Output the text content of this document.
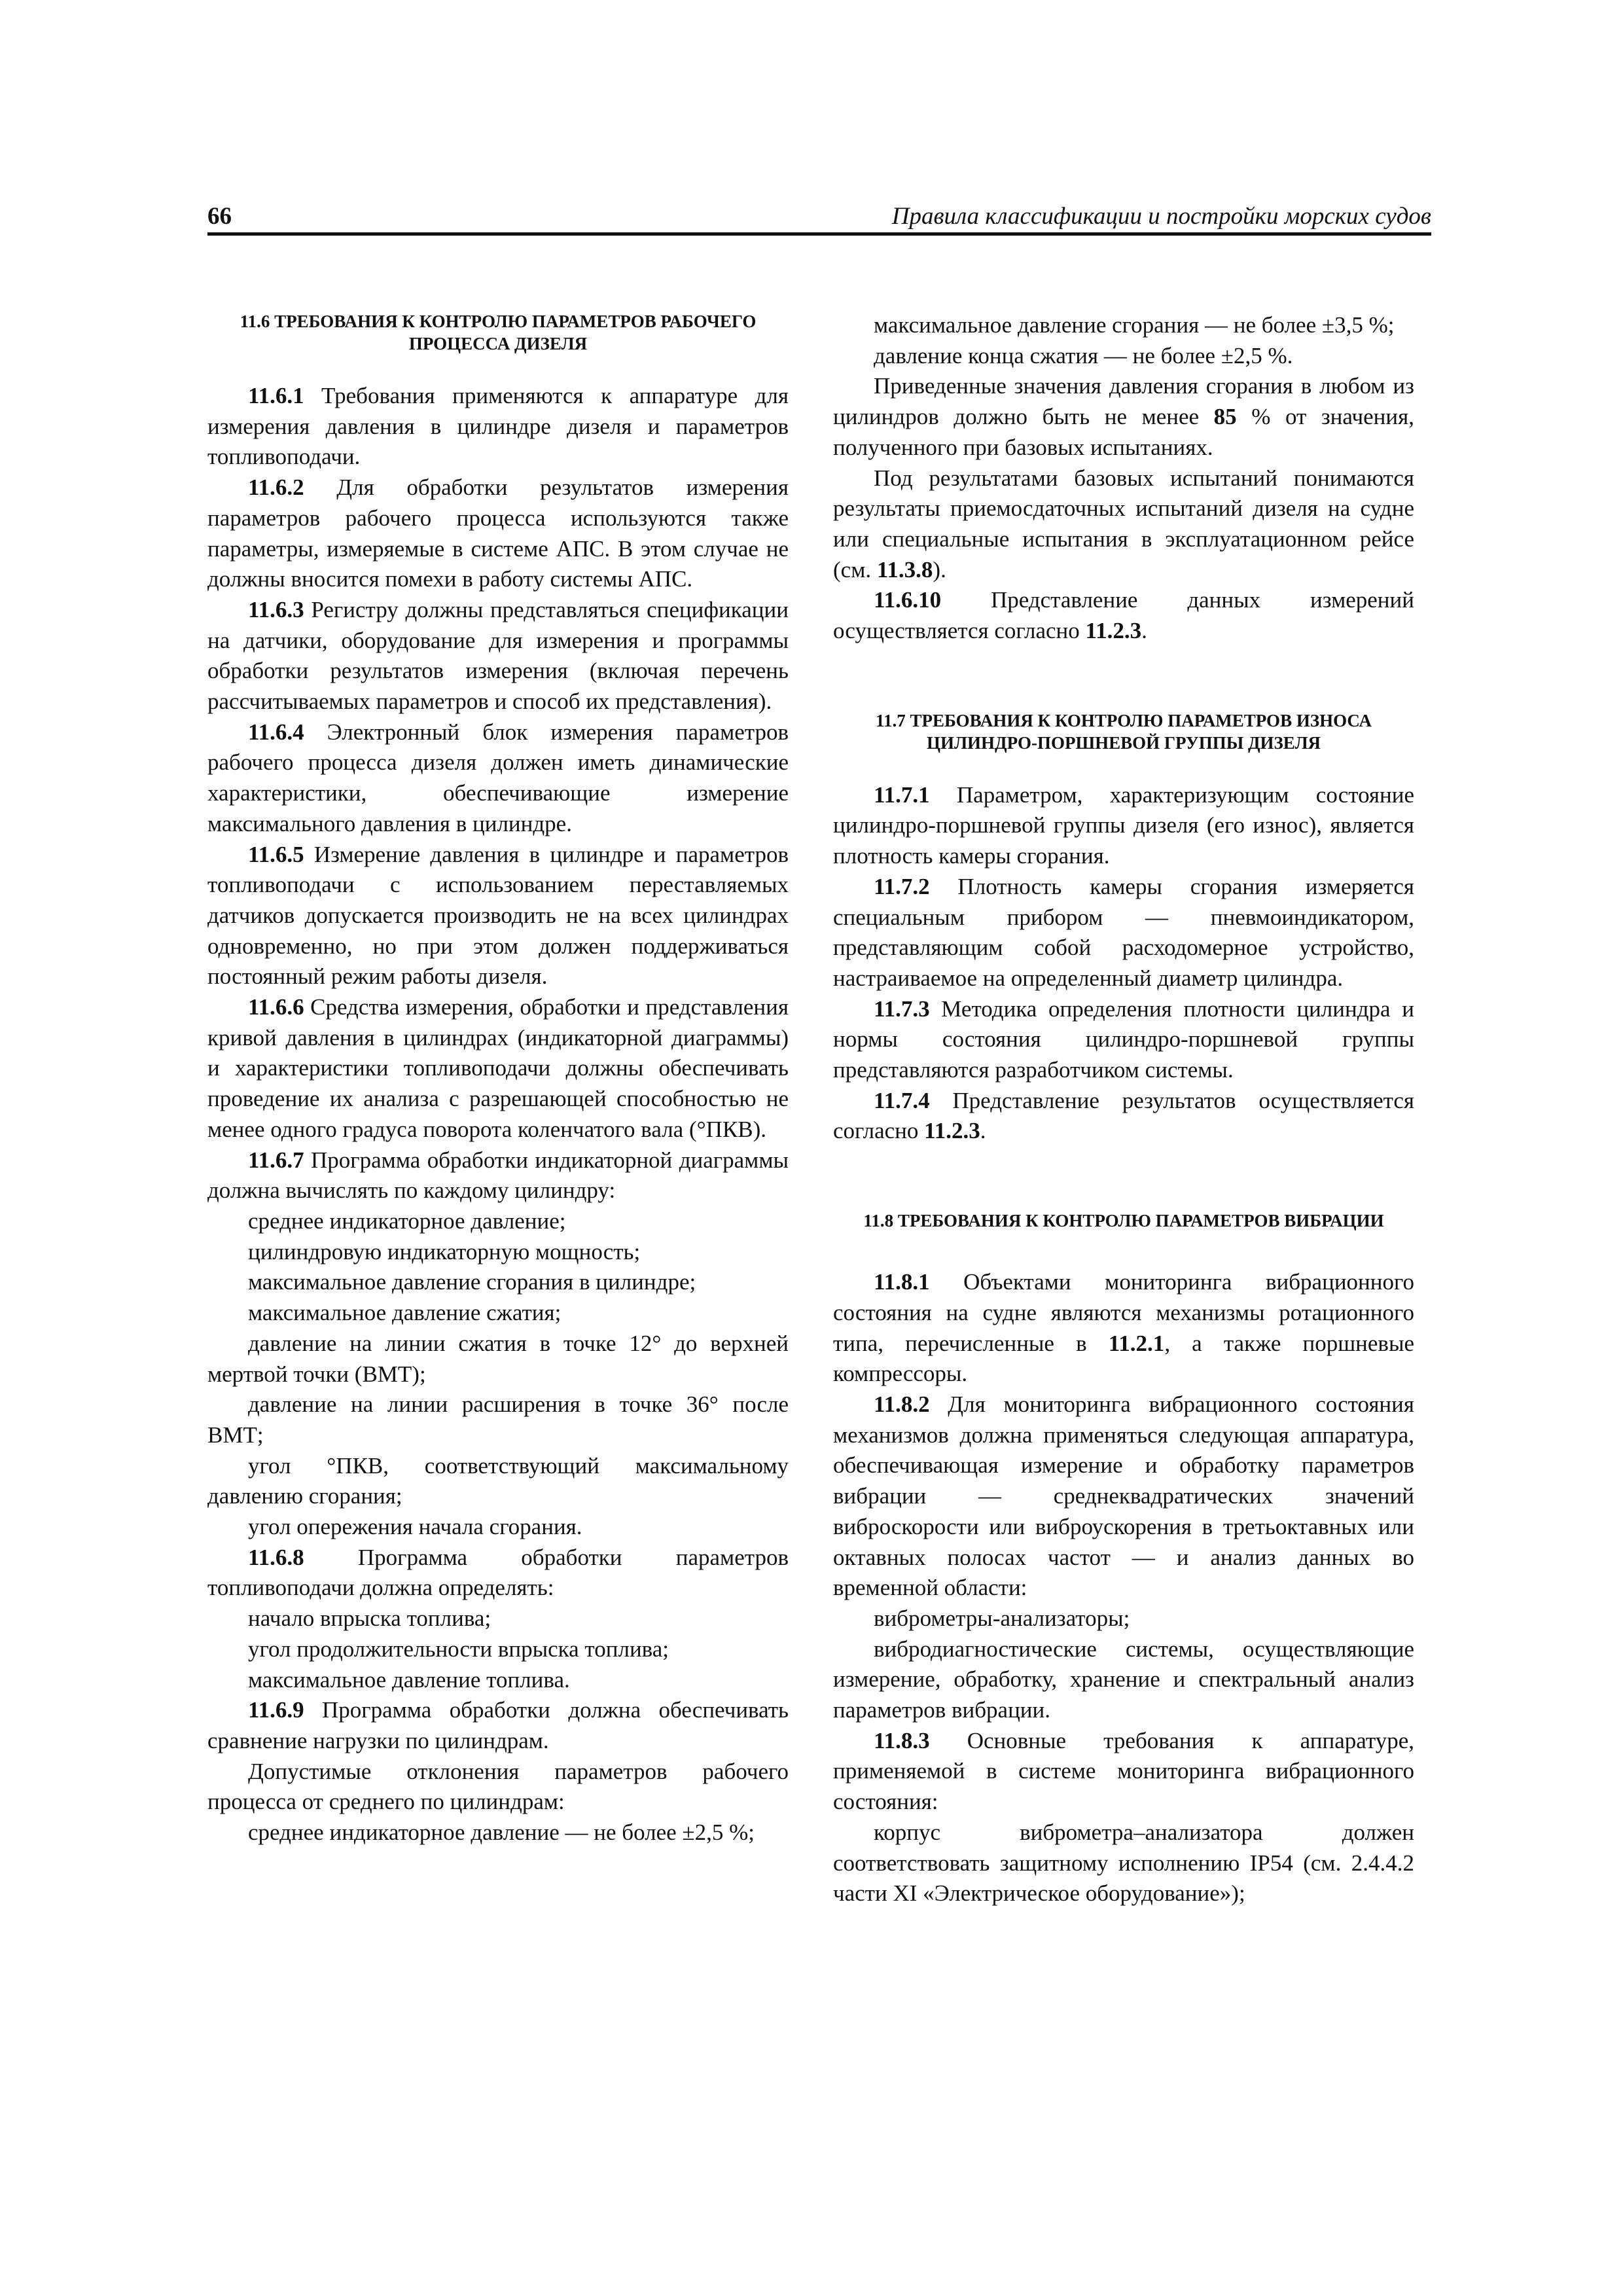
66	Правила классификации и постройки морских судов
11.6 ТРЕБОВАНИЯ К КОНТРОЛЮ ПАРАМЕТРОВ РАБОЧЕГО ПРОЦЕССА ДИЗЕЛЯ

11.6.1 Требования применяются к аппаратуре для измерения давления в цилиндре дизеля и параметров топливоподачи.

11.6.2 Для обработки результатов измерения параметров рабочего процесса используются также параметры, измеряемые в системе АПС. В этом случае не должны вносится помехи в работу системы АПС.

11.6.3 Регистру должны представляться спецификации на датчики, оборудование для измерения и программы обработки результатов измерения (включая перечень рассчитываемых параметров и способ их представления).

11.6.4 Электронный блок измерения параметров рабочего процесса дизеля должен иметь динамические характеристики, обеспечивающие измерение максимального давления в цилиндре.

11.6.5 Измерение давления в цилиндре и параметров топливоподачи с использованием переставляемых датчиков допускается производить не на всех цилиндрах одновременно, но при этом должен поддерживаться постоянный режим работы дизеля.

11.6.6 Средства измерения, обработки и представления кривой давления в цилиндрах (индикаторной диаграммы) и характеристики топливоподачи должны обеспечивать проведение их анализа с разрешающей способностью не менее одного градуса поворота коленчатого вала (°ПКВ).

11.6.7 Программа обработки индикаторной диаграммы должна вычислять по каждому цилиндру:

среднее индикаторное давление;

цилиндровую индикаторную мощность;

максимальное давление сгорания в цилиндре;

максимальное давление сжатия;

давление на линии сжатия в точке 12° до верхней мертвой точки (ВМТ);

давление на линии расширения в точке 36° после ВМТ;

угол °ПКВ, соответствующий максимальному давлению сгорания;

угол опережения начала сгорания.

11.6.8 Программа обработки параметров топливоподачи должна определять:

начало впрыска топлива;

угол продолжительности впрыска топлива;

максимальное давление топлива.

11.6.9 Программа обработки должна обеспечивать сравнение нагрузки по цилиндрам.

Допустимые отклонения параметров рабочего процесса от среднего по цилиндрам:

среднее индикаторное давление — не более ±2,5 %;

максимальное давление сгорания — не более ±3,5 %;

давление конца сжатия — не более ±2,5 %.

Приведенные значения давления сгорания в любом из цилиндров должно быть не менее 85 % от значения, полученного при базовых испытаниях.

Под результатами базовых испытаний понимаются результаты приемосдаточных испытаний дизеля на судне или специальные испытания в эксплуатационном рейсе (см. 11.3.8).

11.6.10 Представление данных измерений осуществляется согласно 11.2.3.

11.7 ТРЕБОВАНИЯ К КОНТРОЛЮ ПАРАМЕТРОВ ИЗНОСА ЦИЛИНДРО-ПОРШНЕВОЙ ГРУППЫ ДИЗЕЛЯ

11.7.1 Параметром, характеризующим состояние цилиндро-поршневой группы дизеля (его износ), является плотность камеры сгорания.

11.7.2 Плотность камеры сгорания измеряется специальным прибором — пневмоиндикатором, представляющим собой расходомерное устройство, настраиваемое на определенный диаметр цилиндра.

11.7.3 Методика определения плотности цилиндра и нормы состояния цилиндро-поршневой группы представляются разработчиком системы.

11.7.4 Представление результатов осуществляется согласно 11.2.3.

11.8 ТРЕБОВАНИЯ К КОНТРОЛЮ ПАРАМЕТРОВ ВИБРАЦИИ

11.8.1 Объектами мониторинга вибрационного состояния на судне являются механизмы ротационного типа, перечисленные в 11.2.1, а также поршневые компрессоры.

11.8.2 Для мониторинга вибрационного состояния механизмов должна применяться следующая аппаратура, обеспечивающая измерение и обработку параметров вибрации — среднеквадратических значений виброскорости или виброускорения в третьоктавных или октавных полосах частот — и анализ данных во временной области:

виброметры-анализаторы;

вибродиагностические системы, осуществляющие измерение, обработку, хранение и спектральный анализ параметров вибрации.

11.8.3 Основные требования к аппаратуре, применяемой в системе мониторинга вибрационного состояния:

корпус виброметра–анализатора должен соответствовать защитному исполнению IP54 (см. 2.4.4.2 части XI «Электрическое оборудование»);
